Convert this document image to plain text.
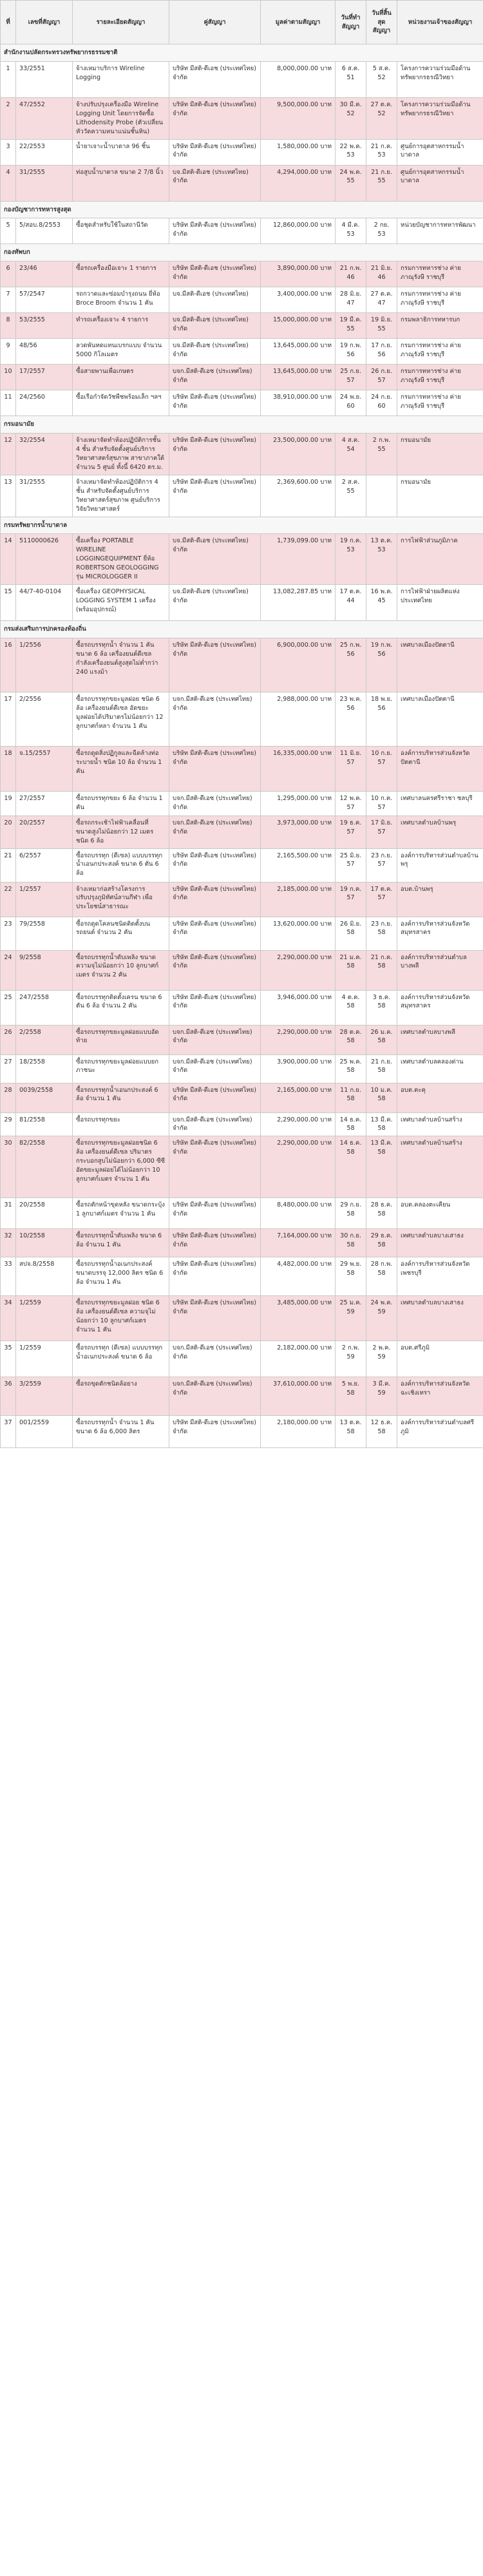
ที่	เลขที่สัญญา	รายละเอียดสัญญา	คู่สัญญา	มูลค่าตามสัญญา	วันที่ทำสัญญา	วันที่สิ้นสุดสัญญา	หน่วยงานเจ้าของสัญญา
สำนักงานปลัดกระทรวงทรัพยากรธรรมชาติ							

1	33/2551	จ้างเหมาบริการ Wireline Logging	บริษัท มีสติ-ดีเอช (ประเทศไทย) จำกัด	8,000,000.00 บาท	6 ส.ค. 51	5 ส.ค. 52	โครงการความร่วมมือด้านทรัพยากรธรณีวิทยา

2	47/2552	จ้างปรับปรุงเครื่องมือ Wireline Logging Unit โดยการจัดซื้อ Lithodensity Probe (ตัวเปลี่ยนหัววัดความหนาแน่นชั้นหิน)	บริษัท มีสติ-ดีเอช (ประเทศไทย) จำกัด	9,500,000.00 บาท	30 มี.ค. 52	27 ต.ค. 52	โครงการความร่วมมือด้านทรัพยากรธรณีวิทยา

3	22/2553	น้ำยาเจาะน้ำบาดาล 96 ชิ้น	บริษัท มีสติ-ดีเอช (ประเทศไทย) จำกัด	1,580,000.00 บาท	22 พ.ค. 53	21 ก.ค. 53	ศูนย์การอุตสาหกรรมน้ำบาดาล

4	31/2555	ท่อสูบน้ำบาดาล ขนาด 2 7/8 นิ้ว	บจ.มีสติ-ดีเอช (ประเทศไทย) จำกัด	4,294,000.00 บาท	24 พ.ค. 55	21 ก.ย. 55	ศูนย์การอุตสาหกรรมน้ำบาดาล

กองบัญชาการทหารสูงสุด							

5	5/สอบ.8/2553	ซื้อชุดสำหรับใช้ในสถานีวัด	บริษัท มีสติ-ดีเอช (ประเทศไทย) จำกัด	12,860,000.00 บาท	4 มี.ค. 53	2 กย. 53	หน่วยบัญชาการทหารพัฒนา

กองทัพบก							

6	23/46	ซื้อรถเครื่องมือเจาะ 1 รายการ	บริษัท มีสติ-ดีเอช (ประเทศไทย) จำกัด	3,890,000.00 บาท	21 ก.พ. 46	21 มิ.ย. 46	กรมการทหารช่าง ค่ายภาณุรังษี ราชบุรี

7	57/2547	รถกวาดและซ่อมบำรุงถนน ยี่ห้อ Broce Broom จำนวน 1 คัน	บจ.มีสติ-ดีเอช (ประเทศไทย)	3,400,000.00 บาท	28 มิ.ย. 47	27 ต.ค. 47	กรมการทหารช่าง ค่ายภาณุรังษี ราชบุรี

8	53/2555	ทำรถเครื่องเจาะ 4 รายการ	บจ.มีสติ-ดีเอช (ประเทศไทย) จำกัด	15,000,000.00 บาท	19 มี.ค. 55	19 มิ.ย. 55	กรมพลาธิการทหารบก

9	48/56	ลวดพันทดแทนเบรกแบบ จำนวน 5000 กิโลเมตร	บจ.มีสติ-ดีเอช (ประเทศไทย) จำกัด	13,645,000.00 บาท	19 ก.พ. 56	17 ก.ย. 56	กรมการทหารช่าง ค่ายภาณุรังษี ราชบุรี

10	17/2557	ซื้อสายพานเพื่อเกษตร	บจก.มีสติ-ดีเอช (ประเทศไทย) จำกัด	13,645,000.00 บาท	25 ก.ย. 57	26 ก.ย. 57	กรมการทหารช่าง ค่ายภาณุรังษี ราชบุรี

11	24/2560	ซื้อเรือกำจัดวัชพืชพร้อมเล็ก ฯลฯ	บริษัท มีสติ-ดีเอช (ประเทศไทย) จำกัด	38,910,000.00 บาท	24 พ.ย. 60	24 ก.ย. 60	กรมการทหารช่าง ค่ายภาณุรังษี ราชบุรี

กรมอนามัย							

12	32/2554	จ้างเหมาจัดทำห้องปฏิบัติการชั้น 4 ชั้น สำหรับจัดตั้งศูนย์บริการวิทยาศาสตร์สุขภาพ สาขาภาคใต้ จำนวน 5 ศูนย์ ทั้งนี้ 6420 ตร.ม.	บริษัท มีสติ-ดีเอช (ประเทศไทย) จำกัด	23,500,000.00 บาท	4 ส.ค. 54	2 ก.พ. 55	กรมอนามัย

13	31/2555	จ้างเหมาจัดทำห้องปฏิบัติการ 4 ชั้น สำหรับจัดตั้งศูนย์บริการวิทยาศาสตร์สุขภาพ ศูนย์บริการวิจัยวิทยาศาสตร์	บริษัท มีสติ-ดีเอช (ประเทศไทย) จำกัด	2,369,600.00 บาท	2 ส.ค. 55		กรมอนามัย

กรมทรัพยากรน้ำบาดาล							

14	5110000626	ซื้อเครื่อง PORTABLE WIRELINE LOGGINGEQUIPMENT ยี่ห้อ ROBERTSON GEOLOGGING รุ่น MICROLOGGER II	บจ.มีสติ-ดีเอช (ประเทศไทย) จำกัด	1,739,099.00 บาท	19 ก.ค. 53	13 ต.ค. 53	การไฟฟ้าส่วนภูมิภาค

15	44/7-40-0104	ซื้อเครื่อง GEOPHYSICAL LOGGING SYSTEM 1 เครื่อง (พร้อมอุปกรณ์)	บจ.มีสติ-ดีเอช (ประเทศไทย) จำกัด	13,082,287.85 บาท	17 ต.ค. 44	16 พ.ค. 45	การไฟฟ้าฝ่ายผลิตแห่งประเทศไทย

กรมส่งเสริมการปกครองท้องถิ่น							

16	1/2556	ซื้อรถบรรทุกน้ำ จำนวน 1 คัน ขนาด 6 ล้อ เครื่องยนต์ดีเซล กำลังเครื่องยนต์สูงสุดไม่ต่ำกว่า 240 แรงม้า	บริษัท มีสติ-ดีเอช (ประเทศไทย) จำกัด	6,900,000.00 บาท	25 ก.พ. 56	19 ก.พ. 56	เทศบาลเมืองปัตตานี

17	2/2556	ซื้อรถบรรทุกขยะมูลฝอย ชนิด 6 ล้อ เครื่องยนต์ดีเซล อัดขยะมูลฝอยได้ปริมาตรไม่น้อยกว่า 12 ลูกบาศก์หลา จำนวน 1 คัน	บจก.มีสติ-ดีเอช (ประเทศไทย) จำกัด	2,988,000.00 บาท	23 พ.ค. 56	18 พ.ย. 56	เทศบาลเมืองปัตตานี

18	จ.15/2557	ซื้อรถดูดสิ่งปฏิกูลและฉีดล้างท่อระบายน้ำ ชนิด 10 ล้อ จำนวน 1 คัน	บริษัท มีสติ-ดีเอช (ประเทศไทย) จำกัด	16,335,000.00 บาท	11 มิ.ย. 57	10 ก.ย. 57	องค์การบริหารส่วนจังหวัดปัตตานี

19	27/2557	ซื้อรถบรรทุกขยะ 6 ล้อ จำนวน 1 คัน	บจก.มีสติ-ดีเอช (ประเทศไทย) จำกัด	1,295,000.00 บาท	12 พ.ค. 57	10 ก.ค. 57	เทศบาลนครศรีราชา ชลบุรี

20	20/2557	ซื้อรถกระเช้าไฟฟ้าเคลื่อนที่ ขนาดสูงไม่น้อยกว่า 12 เมตร ชนิด 6 ล้อ	บจก.มีสติ-ดีเอช (ประเทศไทย) จำกัด	3,973,000.00 บาท	19 ธ.ค. 57	17 มิ.ย. 57	เทศบาลตำบลบ้านพรุ

21	6/2557	ซื้อรถบรรทุก (ดีเซล) แบบบรรทุกน้ำเอนกประสงค์ ขนาด 6 ตัน 6 ล้อ	บริษัท มีสติ-ดีเอช (ประเทศไทย) จำกัด	2,165,500.00 บาท	25 มิ.ย. 57	23 ก.ย. 57	องค์การบริหารส่วนตำบลบ้านพรุ

22	1/2557	จ้างเหมาก่อสร้างโครงการปรับปรุงภูมิทัศน์ลานกีฬา เพื่อประโยชน์สาธารณะ	บริษัท มีสติ-ดีเอช (ประเทศไทย) จำกัด	2,185,000.00 บาท	19 ก.ค. 57	17 ต.ค. 57	อบต.บ้านพรุ

23	79/2558	ซื้อรถดูดโคลนชนิดติดตั้งบนรถยนต์ จำนวน 2 คัน	บริษัท มีสติ-ดีเอช (ประเทศไทย) จำกัด	13,620,000.00 บาท	26 มิ.ย. 58	23 ก.ย. 58	องค์การบริหารส่วนจังหวัดสมุทรสาคร

24	9/2558	ซื้อรถบรรทุกน้ำดับเพลิง ขนาดความจุไม่น้อยกว่า 10 ลูกบาศก์เมตร จำนวน 2 คัน	บริษัท มีสติ-ดีเอช (ประเทศไทย) จำกัด	2,290,000.00 บาท	21 ม.ค. 58	21 ก.ค. 58	องค์การบริหารส่วนตำบลบางพลี

25	247/2558	ซื้อรถบรรทุกติดตั้งเครน ขนาด 6 ตัน 6 ล้อ จำนวน 2 คัน	บริษัท มีสติ-ดีเอช (ประเทศไทย) จำกัด	3,946,000.00 บาท	4 ต.ค. 58	3 ธ.ค. 58	องค์การบริหารส่วนจังหวัดสมุทรสาคร

26	2/2558	ซื้อรถบรรทุกขยะมูลฝอยแบบอัดท้าย	บจก.มีสติ-ดีเอช (ประเทศไทย) จำกัด	2,290,000.00 บาท	28 ต.ค. 58	26 ม.ค. 58	เทศบาลตำบลบางพลี

27	18/2558	ซื้อรถบรรทุกขยะมูลฝอยแบบยกภาชนะ	บจก.มีสติ-ดีเอช (ประเทศไทย) จำกัด	3,900,000.00 บาท	25 พ.ค. 58	21 ก.ย. 58	เทศบาลตำบลคลองด่าน

28	0039/2558	ซื้อรถบรรทุกน้ำเอนกประสงค์ 6 ล้อ จำนวน 1 คัน	บริษัท มีสติ-ดีเอช (ประเทศไทย) จำกัด	2,165,000.00 บาท	11 ก.ย. 58	10 ม.ค. 58	อบต.ตะคุ

29	81/2558	ซื้อรถบรรทุกขยะ	บจก.มีสติ-ดีเอช (ประเทศไทย) จำกัด	2,290,000.00 บาท	14 ธ.ค. 58	13 มี.ค. 58	เทศบาลตำบลบ้านสร้าง

30	82/2558	ซื้อรถบรรทุกขยะมูลฝอยชนิด 6 ล้อ เครื่องยนต์ดีเซล ปริมาตรกระบอกสูบไม่น้อยกว่า 6,000 ซีซี อัดขยะมูลฝอยได้ไม่น้อยกว่า 10 ลูกบาศก์เมตร จำนวน 1 คัน	บริษัท มีสติ-ดีเอช (ประเทศไทย) จำกัด	2,290,000.00 บาท	14 ธ.ค. 58	13 มี.ค. 58	เทศบาลตำบลบ้านสร้าง

31	20/2558	ซื้อรถตักหน้าขุดหลัง ขนาดกระบุ้ง 1 ลูกบาศก์เมตร จำนวน 1 คัน	บริษัท มีสติ-ดีเอช (ประเทศไทย) จำกัด	8,480,000.00 บาท	29 ก.ย. 58	28 ธ.ค. 58	อบต.คลองตะเคียน

32	10/2558	ซื้อรถบรรทุกน้ำดับเพลิง ขนาด 6 ล้อ จำนวน 1 คัน	บริษัท มีสติ-ดีเอช (ประเทศไทย) จำกัด	7,164,000.00 บาท	30 ก.ย. 58	29 ธ.ค. 58	เทศบาลตำบลบางเสาธง

33	สปจ.8/2558	ซื้อรถบรรทุกน้ำอเนกประสงค์ ขนาดบรรจุ 12,000 ลิตร ชนิด 6 ล้อ จำนวน 1 คัน	บริษัท มีสติ-ดีเอช (ประเทศไทย) จำกัด	4,482,000.00 บาท	29 พ.ย. 58	28 ก.พ. 58	องค์การบริหารส่วนจังหวัดเพชรบุรี

34	1/2559	ซื้อรถบรรทุกขยะมูลฝอย ชนิด 6 ล้อ เครื่องยนต์ดีเซล ความจุไม่น้อยกว่า 10 ลูกบาศก์เมตร จำนวน 1 คัน	บริษัท มีสติ-ดีเอช (ประเทศไทย) จำกัด	3,485,000.00 บาท	25 ม.ค. 59	24 พ.ค. 59	เทศบาลตำบลบางเสาธง

35	1/2559	ซื้อรถบรรทุก (ดีเซล) แบบบรรทุกน้ำอเนกประสงค์ ขนาด 6 ล้อ	บจก.มีสติ-ดีเอช (ประเทศไทย) จำกัด	2,182,000.00 บาท	2 ก.พ. 59	2 พ.ค. 59	อบต.ศรีภูมิ

36	3/2559	ซื้อรถขุดตักชนิดล้อยาง	บจก.มีสติ-ดีเอช (ประเทศไทย) จำกัด	37,610,000.00 บาท	5 พ.ย. 58	3 มี.ค. 59	องค์การบริหารส่วนจังหวัดฉะเชิงเทรา

37	001/2559	ซื้อรถบรรทุกน้ำ จำนวน 1 คัน ขนาด 6 ล้อ 6,000 ลิตร	บริษัท มีสติ-ดีเอช (ประเทศไทย) จำกัด	2,180,000.00 บาท	13 ต.ค. 58	12 ธ.ค. 58	องค์การบริหารส่วนตำบลศรีภูมิ
